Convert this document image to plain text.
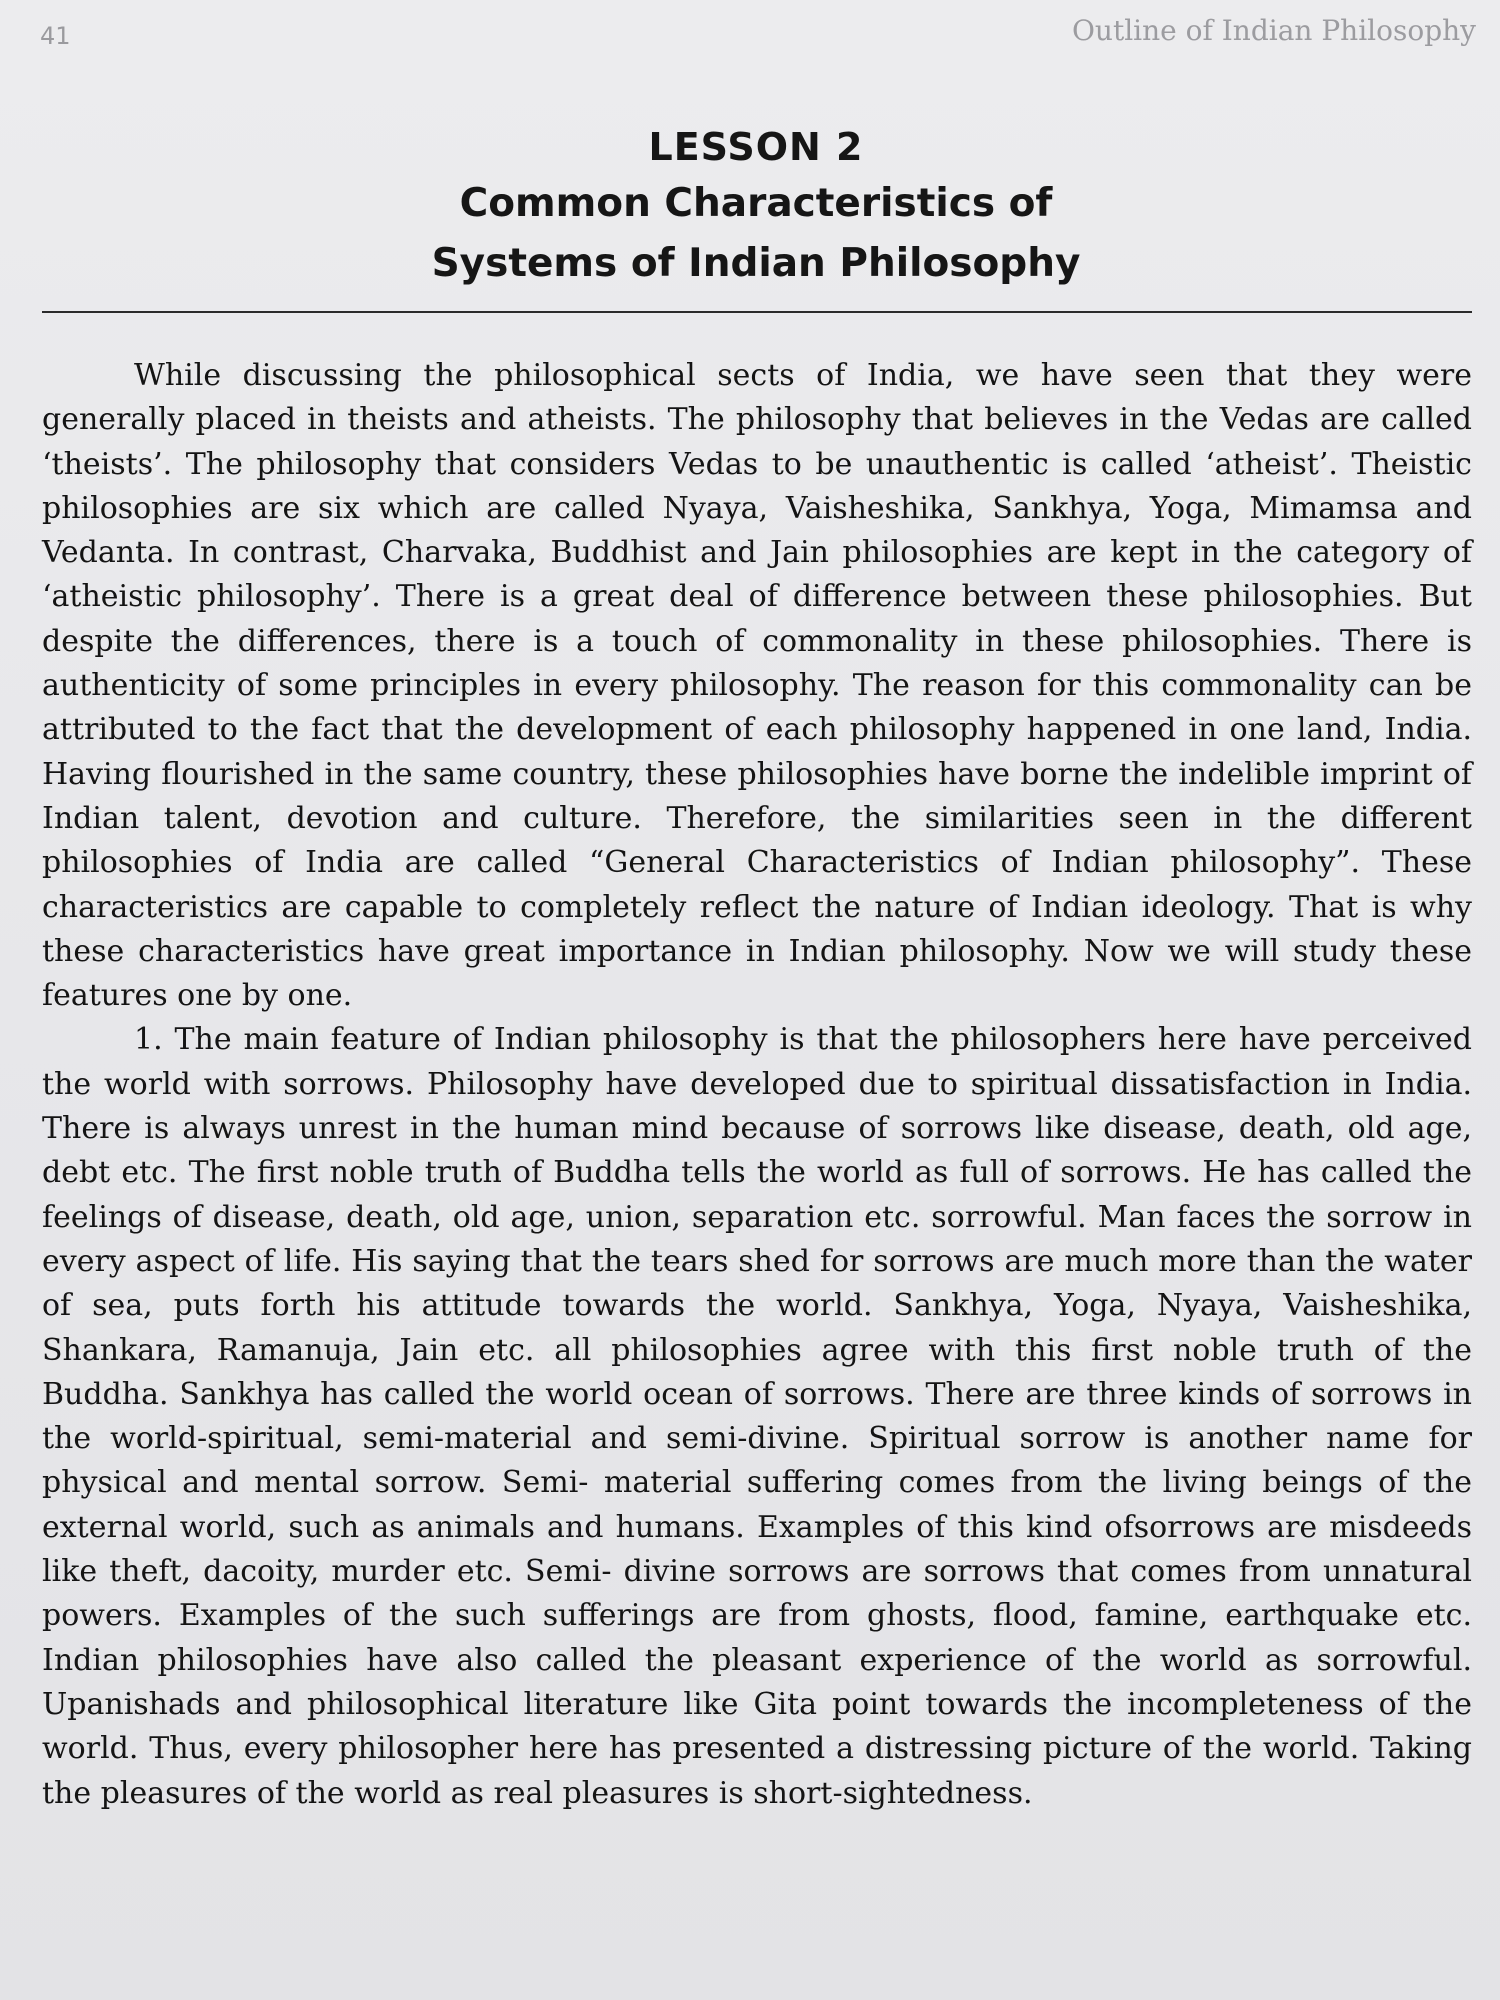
41	Outline of Indian Philosophy
LESSON 2
Common Characteristics of Systems of Indian Philosophy

While discussing the philosophical sects of India, we have seen that they were generally placed in theists and atheists. The philosophy that believes in the Vedas are called ‘theists’. The philosophy that considers Vedas to be unauthentic is called ‘atheist’. Theistic philosophies are six which are called Nyaya, Vaisheshika, Sankhya, Yoga, Mimamsa and Vedanta. In contrast, Charvaka, Buddhist and Jain philosophies are kept in the category of ‘atheistic philosophy’. There is a great deal of difference between these philosophies. But despite the differences, there is a touch of commonality in these philosophies. There is authenticity of some principles in every philosophy. The reason for this commonality can be attributed to the fact that the development of each philosophy happened in one land, India. Having flourished in the same country, these philosophies have borne the indelible imprint of Indian talent, devotion and culture. Therefore, the similarities seen in the different philosophies of India are called “General Characteristics of Indian philosophy”. These characteristics are capable to completely reflect the nature of Indian ideology. That is why these characteristics have great importance in Indian philosophy. Now we will study these features one by one.

1. The main feature of Indian philosophy is that the philosophers here have perceived the world with sorrows. Philosophy have developed due to spiritual dissatisfaction in India. There is always unrest in the human mind because of sorrows like disease, death, old age, debt etc. The first noble truth of Buddha tells the world as full of sorrows. He has called the feelings of disease, death, old age, union, separation etc. sorrowful. Man faces the sorrow in every aspect of life. His saying that the tears shed for sorrows are much more than the water of sea, puts forth his attitude towards the world. Sankhya, Yoga, Nyaya, Vaisheshika, Shankara, Ramanuja, Jain etc. all philosophies agree with this first noble truth of the Buddha. Sankhya has called the world ocean of sorrows. There are three kinds of sorrows in the world-spiritual, semi-material and semi-divine. Spiritual sorrow is another name for physical and mental sorrow. Semi- material suffering comes from the living beings of the external world, such as animals and humans. Examples of this kind ofsorrows are misdeeds like theft, dacoity, murder etc. Semi- divine sorrows are sorrows that comes from unnatural powers. Examples of the such sufferings are from ghosts, flood, famine, earthquake etc. Indian philosophies have also called the pleasant experience of the world as sorrowful. Upanishads and philosophical literature like Gita point towards the incompleteness of the world. Thus, every philosopher here has presented a distressing picture of the world. Taking the pleasures of the world as real pleasures is short-sightedness.
